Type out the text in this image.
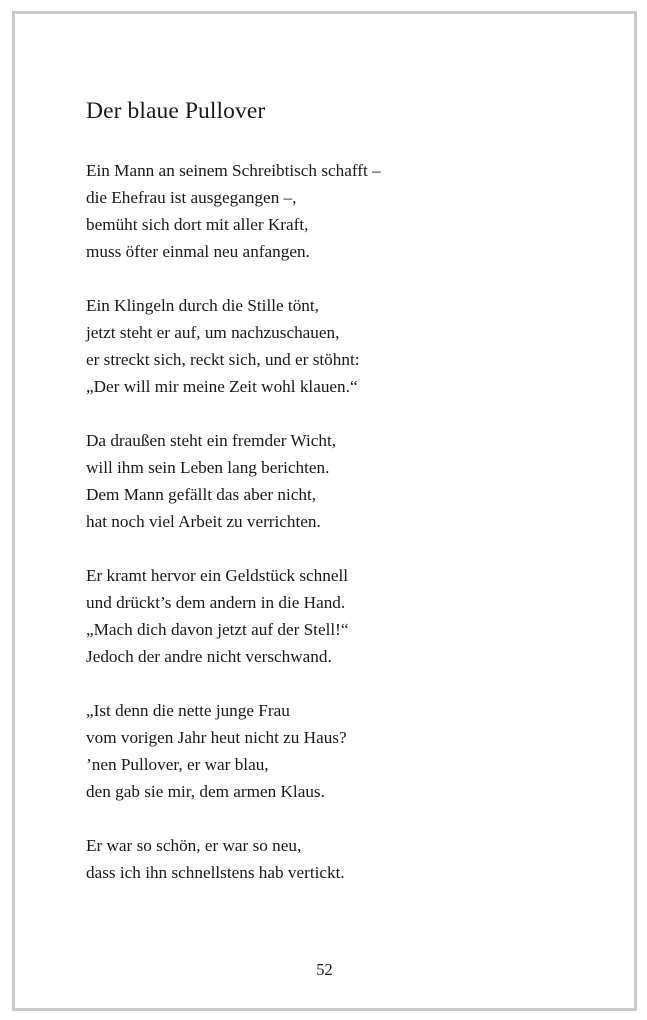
Der blaue Pullover
Ein Mann an seinem Schreibtisch schafft –
die Ehefrau ist ausgegangen –,
bemüht sich dort mit aller Kraft,
muss öfter einmal neu anfangen.
Ein Klingeln durch die Stille tönt,
jetzt steht er auf, um nachzuschauen,
er streckt sich, reckt sich, und er stöhnt:
„Der will mir meine Zeit wohl klauen.“
Da draußen steht ein fremder Wicht,
will ihm sein Leben lang berichten.
Dem Mann gefällt das aber nicht,
hat noch viel Arbeit zu verrichten.
Er kramt hervor ein Geldstück schnell
und drückt’s dem andern in die Hand.
„Mach dich davon jetzt auf der Stell!“
Jedoch der andre nicht verschwand.
„Ist denn die nette junge Frau
vom vorigen Jahr heut nicht zu Haus?
’nen Pullover, er war blau,
den gab sie mir, dem armen Klaus.
Er war so schön, er war so neu,
dass ich ihn schnellstens hab vertickt.
52
